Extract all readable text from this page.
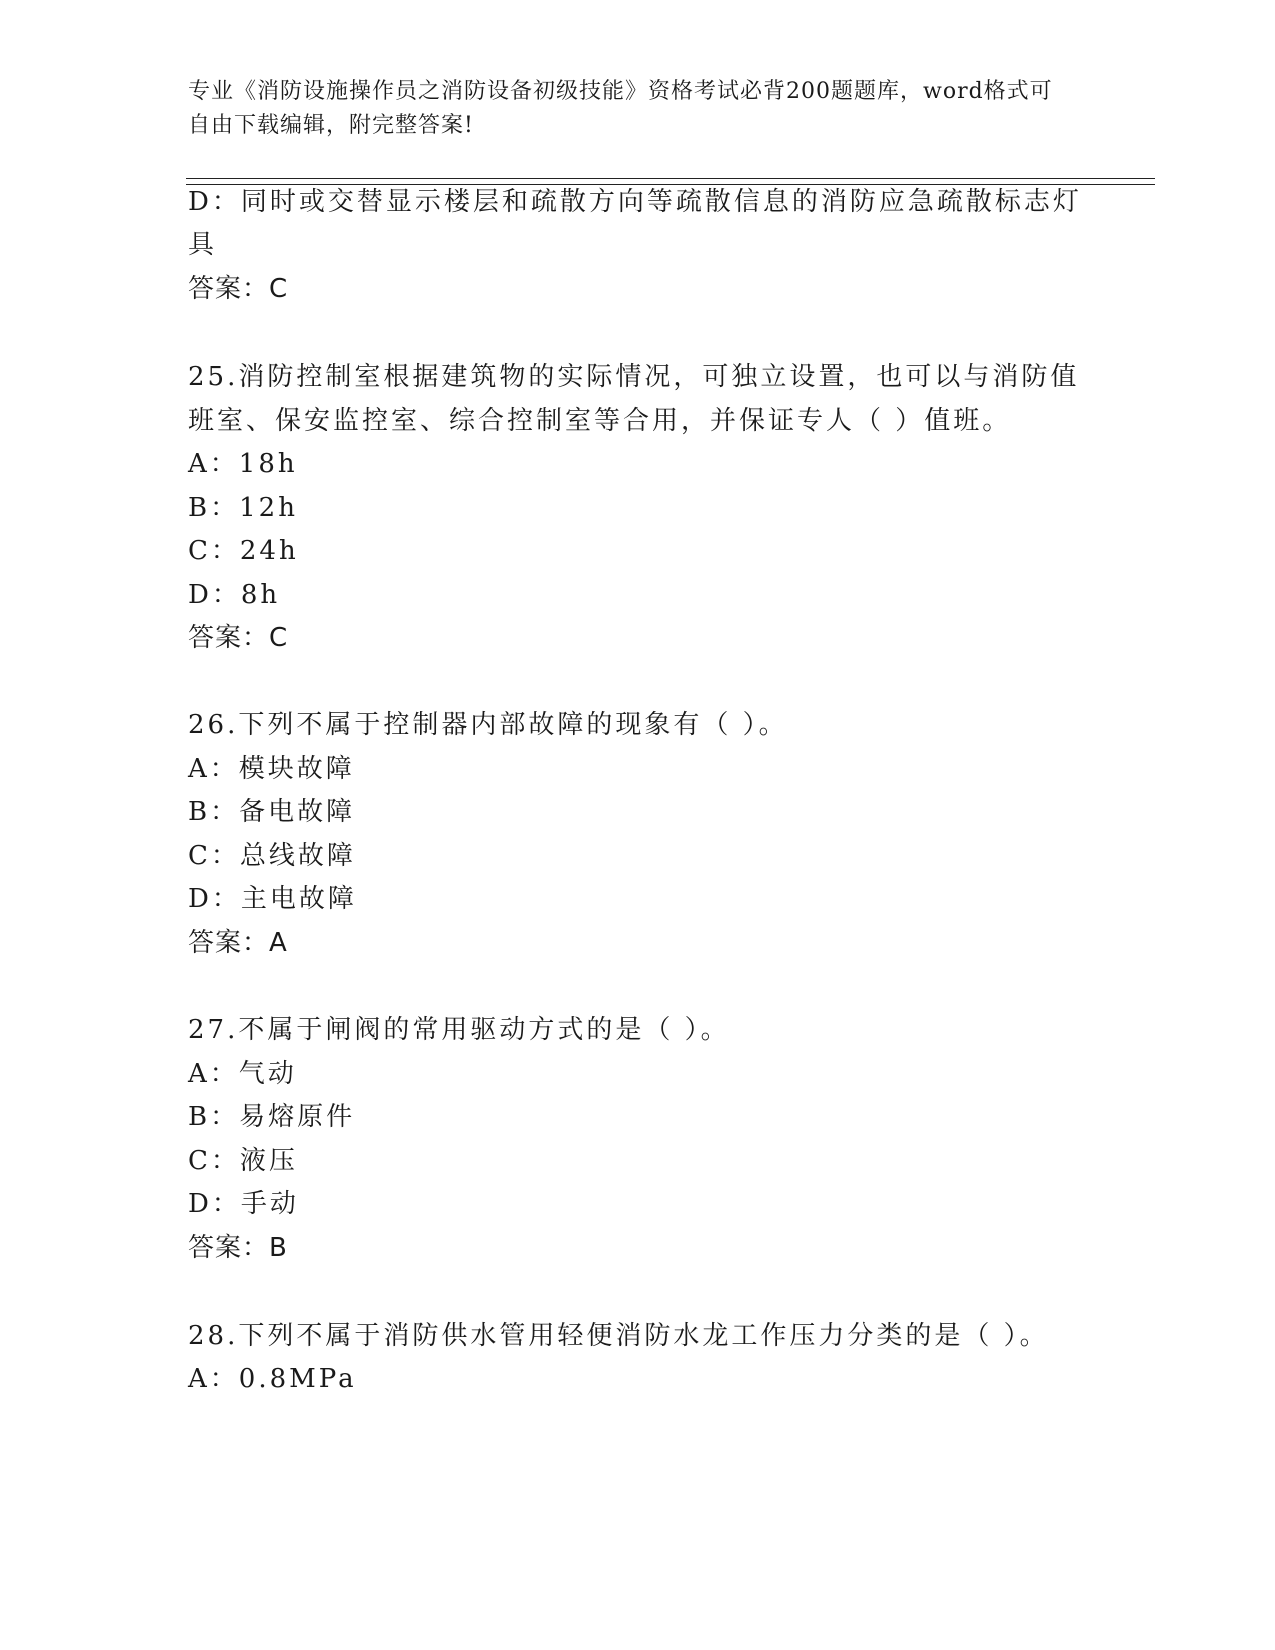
专业《消防设施操作员之消防设备初级技能》资格考试必背200题题库，word格式可自由下载编辑，附完整答案!
D：同时或交替显示楼层和疏散方向等疏散信息的消防应急疏散标志灯
具
答案：C
25.消防控制室根据建筑物的实际情况，可独立设置，也可以与消防值
班室、保安监控室、综合控制室等合用，并保证专人（ ）值班。
A：18h
B：12h
C：24h
D：8h
答案：C
26.下列不属于控制器内部故障的现象有（ ）。
A：模块故障
B：备电故障
C：总线故障
D：主电故障
答案：A
27.不属于闸阀的常用驱动方式的是（ ）。
A：气动
B：易熔原件
C：液压
D：手动
答案：B
28.下列不属于消防供水管用轻便消防水龙工作压力分类的是（ ）。
A：0.8MPa
